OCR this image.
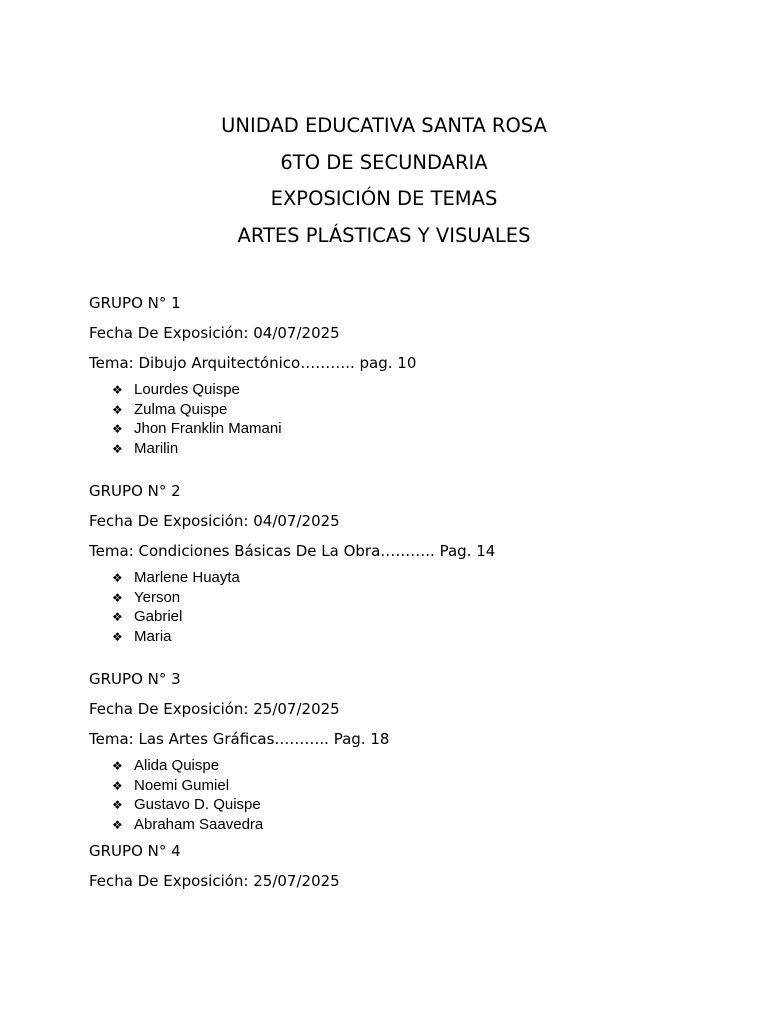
UNIDAD EDUCATIVA SANTA ROSA
6TO DE SECUNDARIA
EXPOSICIÓN DE TEMAS
ARTES PLÁSTICAS Y VISUALES
GRUPO N° 1
Fecha De Exposición: 04/07/2025
Tema: Dibujo Arquitectónico……….. pag. 10
❖ Lourdes Quispe
❖ Zulma Quispe
❖ Jhon Franklin Mamani
❖ Marilin
GRUPO N° 2
Fecha De Exposición: 04/07/2025
Tema: Condiciones Básicas De La Obra……….. Pag. 14
❖ Marlene Huayta
❖ Yerson
❖ Gabriel
❖ Maria
GRUPO N° 3
Fecha De Exposición: 25/07/2025
Tema: Las Artes Gráficas……….. Pag. 18
❖ Alida Quispe
❖ Noemi Gumiel
❖ Gustavo D. Quispe
❖ Abraham Saavedra
GRUPO N° 4
Fecha De Exposición: 25/07/2025
